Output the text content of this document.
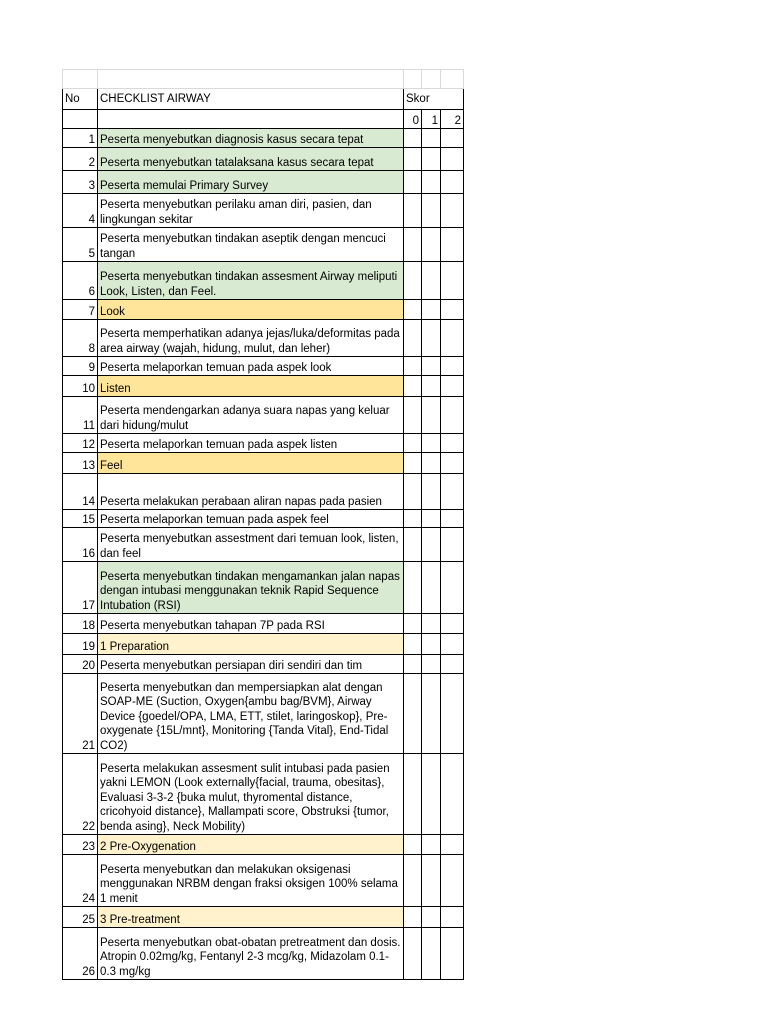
No	CHECKLIST AIRWAY	Skor		
		0	1	2
1	Peserta menyebutkan diagnosis kasus secara tepat			
2	Peserta menyebutkan tatalaksana kasus secara tepat			
3	Peserta memulai Primary Survey			
4	Peserta menyebutkan perilaku aman diri, pasien, dan lingkungan sekitar			
5	Peserta menyebutkan tindakan aseptik dengan mencuci tangan			
6	Peserta menyebutkan tindakan assesment Airway meliputi Look, Listen, dan Feel.			
7	Look			
8	Peserta memperhatikan adanya jejas/luka/deformitas pada area airway (wajah, hidung, mulut, dan leher)			
9	Peserta melaporkan temuan pada aspek look			
10	Listen			
11	Peserta mendengarkan adanya suara napas yang keluar dari hidung/mulut			
12	Peserta melaporkan temuan pada aspek listen			
13	Feel			
14	Peserta melakukan perabaan aliran napas pada pasien			
15	Peserta melaporkan temuan pada aspek feel			
16	Peserta menyebutkan assestment dari temuan look, listen, dan feel			
17	Peserta menyebutkan tindakan mengamankan jalan napas dengan intubasi menggunakan teknik Rapid Sequence Intubation (RSI)			
18	Peserta menyebutkan tahapan 7P pada RSI			
19	1 Preparation			
20	Peserta menyebutkan persiapan diri sendiri dan tim			
21	Peserta menyebutkan dan mempersiapkan alat dengan SOAP-ME (Suction, Oxygen{ambu bag/BVM}, Airway Device {goedel/OPA, LMA, ETT, stilet, laringoskop}, Pre-oxygenate {15L/mnt}, Monitoring {Tanda Vital}, End-Tidal CO2)			
22	Peserta melakukan assesment sulit intubasi pada pasien yakni LEMON (Look externally{facial, trauma, obesitas}, Evaluasi 3-3-2 {buka mulut, thyromental distance, cricohyoid distance}, Mallampati score, Obstruksi {tumor, benda asing}, Neck Mobility)			
23	2 Pre-Oxygenation			
24	Peserta menyebutkan dan melakukan oksigenasi menggunakan NRBM dengan fraksi oksigen 100% selama 1 menit			
25	3 Pre-treatment			
26	Peserta menyebutkan obat-obatan pretreatment dan dosis. Atropin 0.02mg/kg, Fentanyl 2-3 mcg/kg, Midazolam 0.1-0.3 mg/kg			
